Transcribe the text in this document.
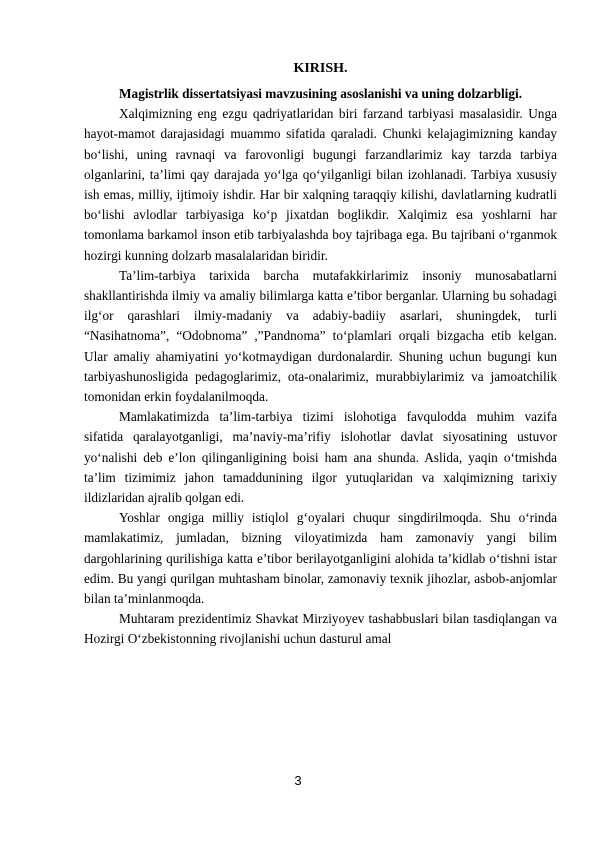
KIRISH.

Magistrlik dissertatsiyasi mavzusining asoslanishi va uning dolzarbligi.

Xalqimizning eng ezgu qadriyatlaridan biri farzand tarbiyasi masalasidir. Unga hayot-mamot darajasidagi muammo sifatida qaraladi. Chunki kelajagimizning kanday bo‘lishi, uning ravnaqi va farovonligi bugungi farzandlarimiz kay tarzda tarbiya olganlarini, ta’limi qay darajada yo‘lga qo‘yilganligi bilan izohlanadi. Tarbiya xususiy ish emas, milliy, ijtimoiy ishdir. Har bir xalqning taraqqiy kilishi, davlatlarning kudratli bo‘lishi avlodlar tarbiyasiga ko‘p jixatdan boglikdir. Xalqimiz esa yoshlarni har tomonlama barkamol inson etib tarbiyalashda boy tajribaga ega. Bu tajribani o‘rganmok hozirgi kunning dolzarb masalalaridan biridir.

Ta’lim-tarbiya tarixida barcha mutafakkirlarimiz insoniy munosabatlarni shakllantirishda ilmiy va amaliy bilimlarga katta e’tibor berganlar. Ularning bu sohadagi ilg‘or qarashlari ilmiy-madaniy va adabiy-badiiy asarlari, shuningdek, turli “Nasihatnoma”, “Odobnoma” ,”Pandnoma” to‘plamlari orqali bizgacha etib kelgan. Ular amaliy ahamiyatini yo‘kotmaydigan durdonalardir. Shuning uchun bugungi kun tarbiyashunosligida pedagoglarimiz, ota-onalarimiz, murabbiylarimiz va jamoatchilik tomonidan erkin foydalanilmoqda.

Mamlakatimizda ta’lim-tarbiya tizimi islohotiga favqulodda muhim vazifa sifatida qaralayotganligi, ma’naviy-ma’rifiy islohotlar davlat siyosatining ustuvor yo‘nalishi deb e’lon qilinganligining boisi ham ana shunda. Aslida, yaqin o‘tmishda ta’lim tizimimiz jahon tamaddunining ilgor yutuqlaridan va xalqimizning tarixiy ildizlaridan ajralib qolgan edi.

Yoshlar ongiga milliy istiqlol g‘oyalari chuqur singdirilmoqda. Shu o‘rinda mamlakatimiz, jumladan, bizning viloyatimizda ham zamonaviy yangi bilim dargohlarining qurilishiga katta e’tibor berilayotganligini alohida ta’kidlab o‘tishni istar edim. Bu yangi qurilgan muhtasham binolar, zamonaviy texnik jihozlar, asbob-anjomlar bilan ta’minlanmoqda.

Muhtaram prezidentimiz Shavkat Mirziyoyev tashabbuslari bilan tasdiqlangan va Hozirgi O‘zbekistonning rivojlanishi uchun dasturul amal

3
